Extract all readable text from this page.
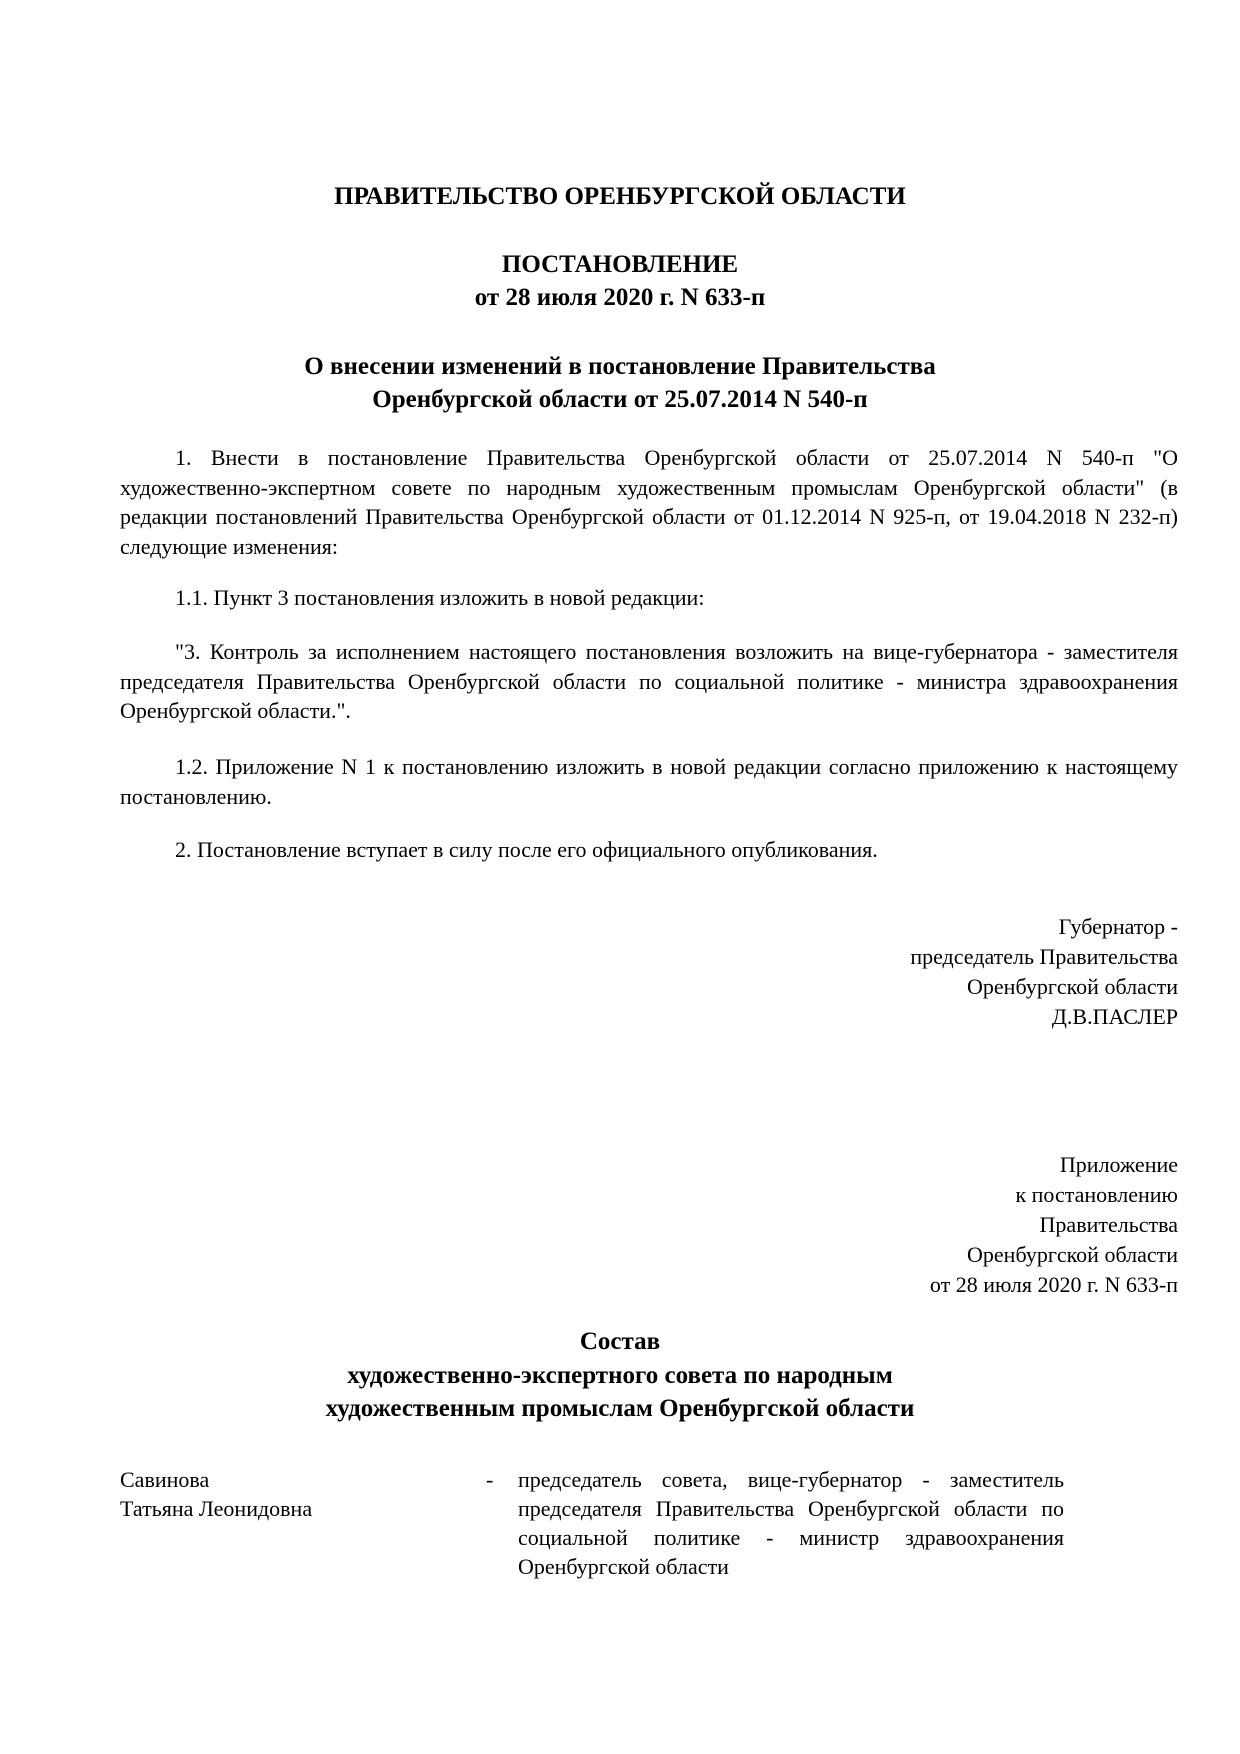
ПРАВИТЕЛЬСТВО ОРЕНБУРГСКОЙ ОБЛАСТИ
ПОСТАНОВЛЕНИЕ
от 28 июля 2020 г. N 633-п
О внесении изменений в постановление Правительства
Оренбургской области от 25.07.2014 N 540-п
1. Внести в постановление Правительства Оренбургской области от 25.07.2014 N 540-п "О художественно-экспертном совете по народным художественным промыслам Оренбургской области" (в редакции постановлений Правительства Оренбургской области от 01.12.2014 N 925-п, от 19.04.2018 N 232-п) следующие изменения:
1.1. Пункт 3 постановления изложить в новой редакции:
"3. Контроль за исполнением настоящего постановления возложить на вице-губернатора - заместителя председателя Правительства Оренбургской области по социальной политике - министра здравоохранения Оренбургской области.".
1.2. Приложение N 1 к постановлению изложить в новой редакции согласно приложению к настоящему постановлению.
2. Постановление вступает в силу после его официального опубликования.
Губернатор -
председатель Правительства
Оренбургской области
Д.В.ПАСЛЕР
Приложение
к постановлению
Правительства
Оренбургской области
от 28 июля 2020 г. N 633-п
Состав
художественно-экспертного совета по народным
художественным промыслам Оренбургской области
Савинова
Татьяна Леонидовна
- председатель совета, вице-губернатор - заместитель председателя Правительства Оренбургской области по социальной политике - министр здравоохранения Оренбургской области
